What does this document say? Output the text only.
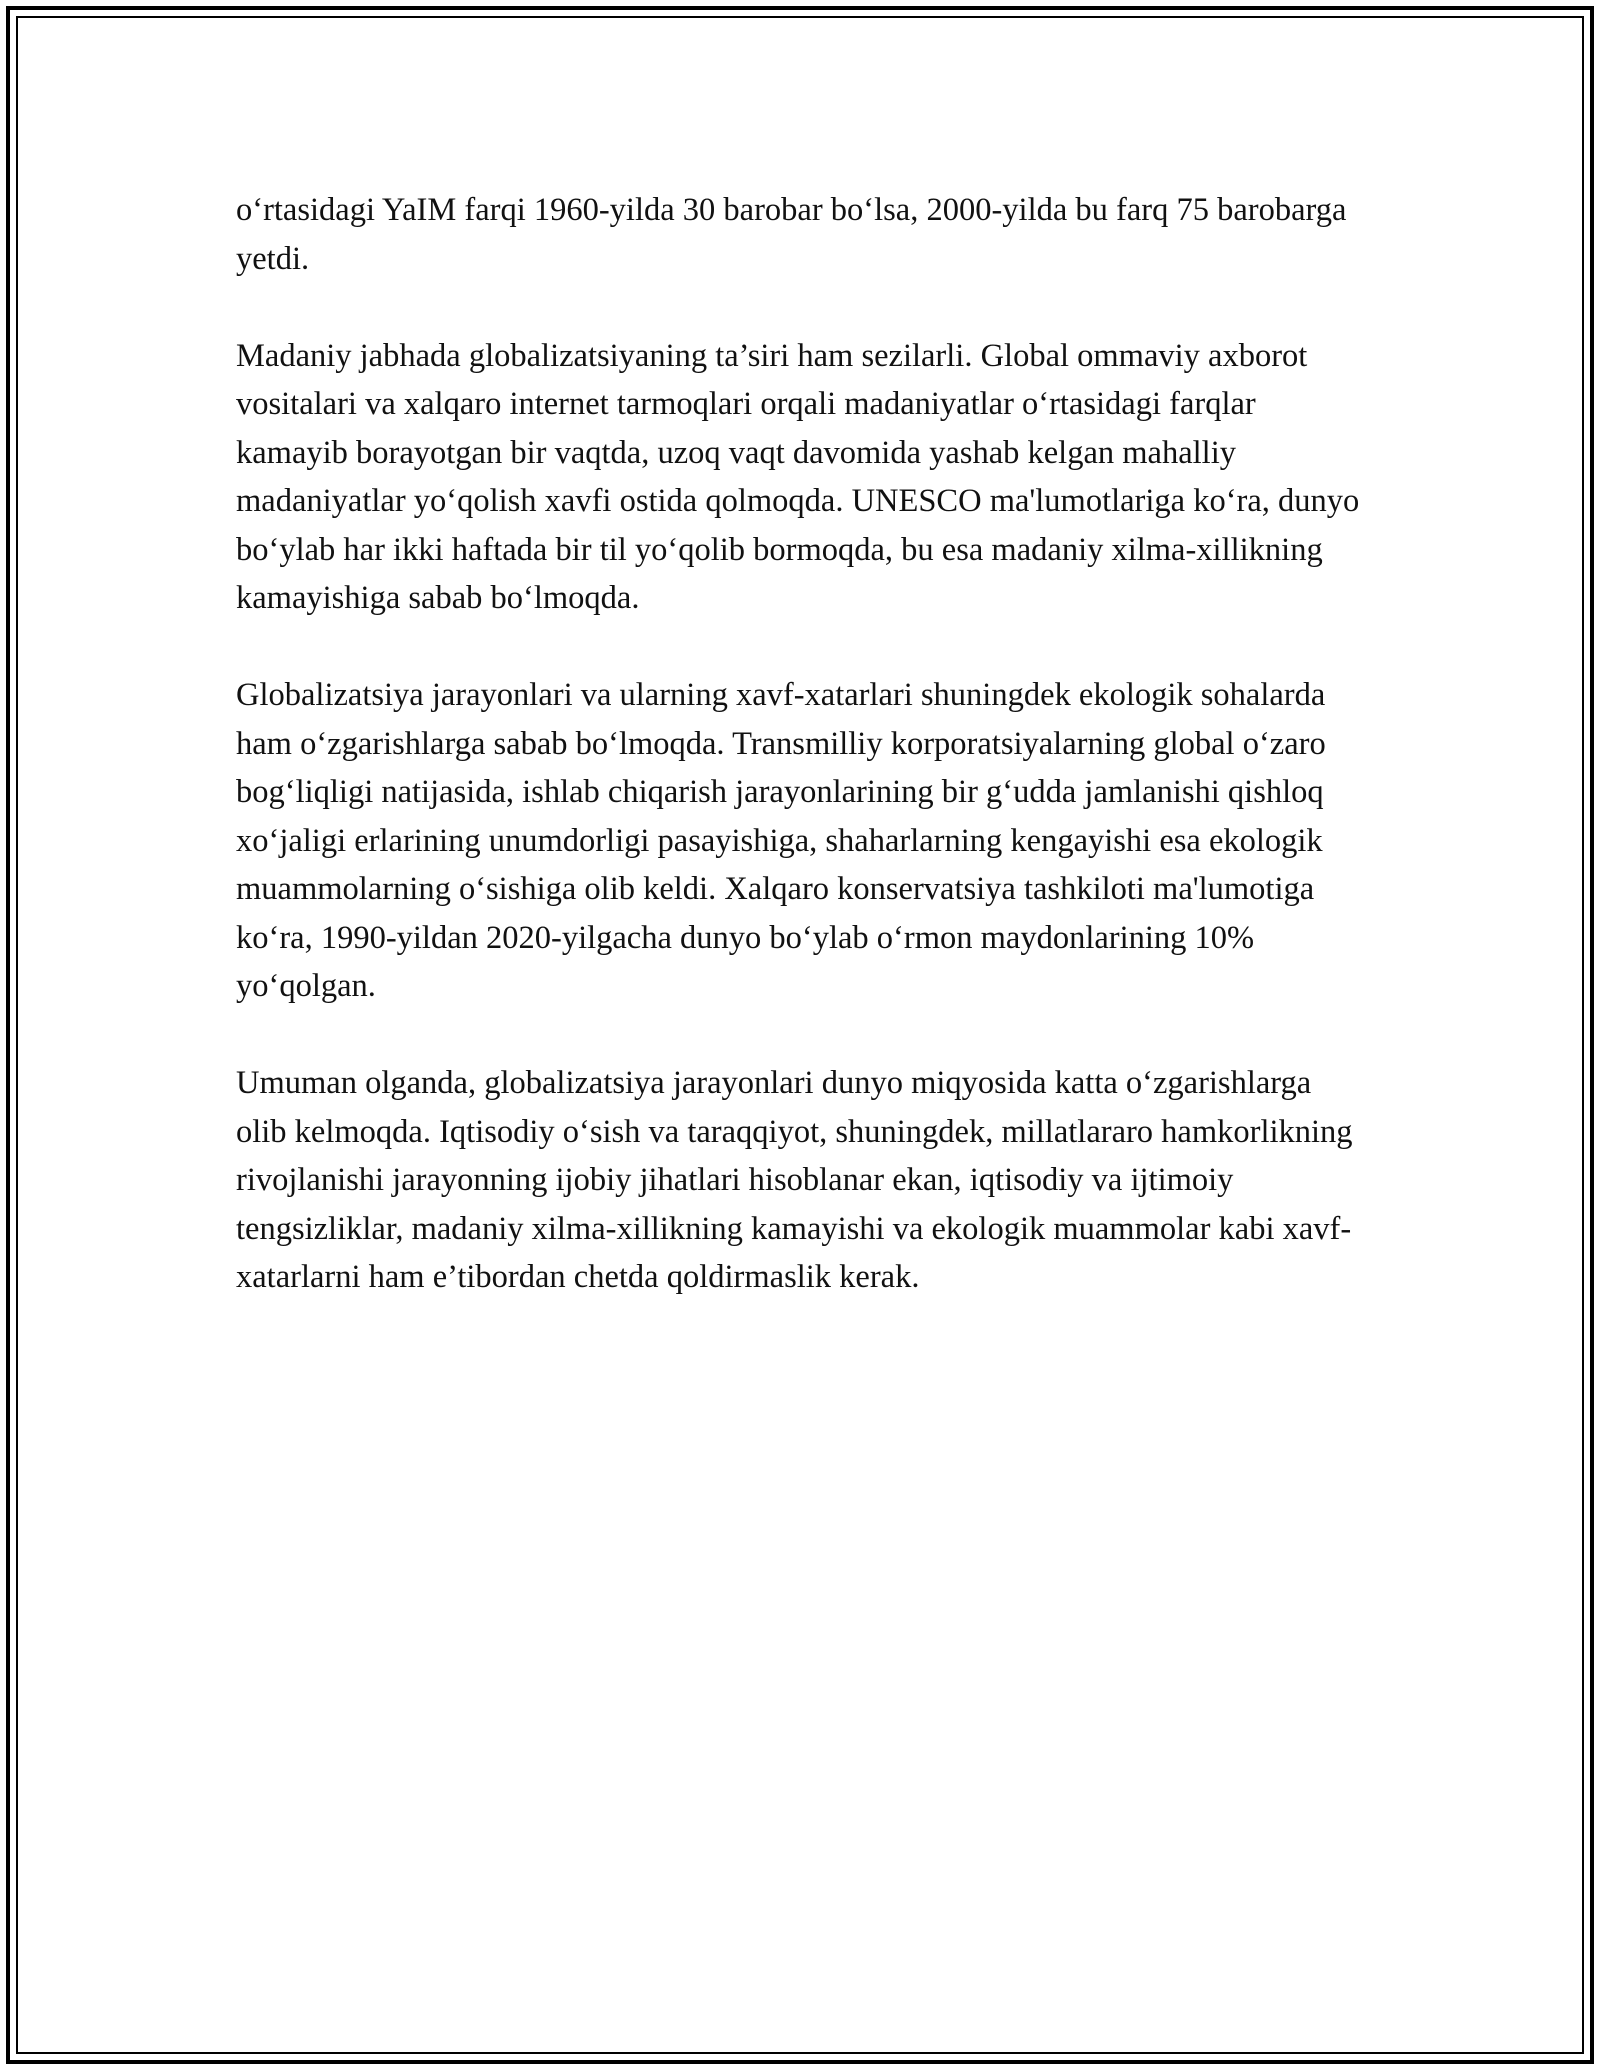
o‘rtasidagi YaIM farqi 1960-yilda 30 barobar bo‘lsa, 2000-yilda bu farq 75 barobarga yetdi.

Madaniy jabhada globalizatsiyaning ta’siri ham sezilarli. Global ommaviy axborot vositalari va xalqaro internet tarmoqlari orqali madaniyatlar o‘rtasidagi farqlar kamayib borayotgan bir vaqtda, uzoq vaqt davomida yashab kelgan mahalliy madaniyatlar yo‘qolish xavfi ostida qolmoqda. UNESCO ma'lumotlariga ko‘ra, dunyo bo‘ylab har ikki haftada bir til yo‘qolib bormoqda, bu esa madaniy xilma-xillikning kamayishiga sabab bo‘lmoqda.

Globalizatsiya jarayonlari va ularning xavf-xatarlari shuningdek ekologik sohalarda ham o‘zgarishlarga sabab bo‘lmoqda. Transmilliy korporatsiyalarning global o‘zaro bog‘liqligi natijasida, ishlab chiqarish jarayonlarining bir g‘udda jamlanishi qishloq xo‘jaligi erlarining unumdorligi pasayishiga, shaharlarning kengayishi esa ekologik muammolarning o‘sishiga olib keldi. Xalqaro konservatsiya tashkiloti ma'lumotiga ko‘ra, 1990-yildan 2020-yilgacha dunyo bo‘ylab o‘rmon maydonlarining 10% yo‘qolgan.

Umuman olganda, globalizatsiya jarayonlari dunyo miqyosida katta o‘zgarishlarga olib kelmoqda. Iqtisodiy o‘sish va taraqqiyot, shuningdek, millatlararo hamkorlikning rivojlanishi jarayonning ijobiy jihatlari hisoblanar ekan, iqtisodiy va ijtimoiy tengsizliklar, madaniy xilma-xillikning kamayishi va ekologik muammolar kabi xavf-xatarlarni ham e’tibordan chetda qoldirmaslik kerak.
